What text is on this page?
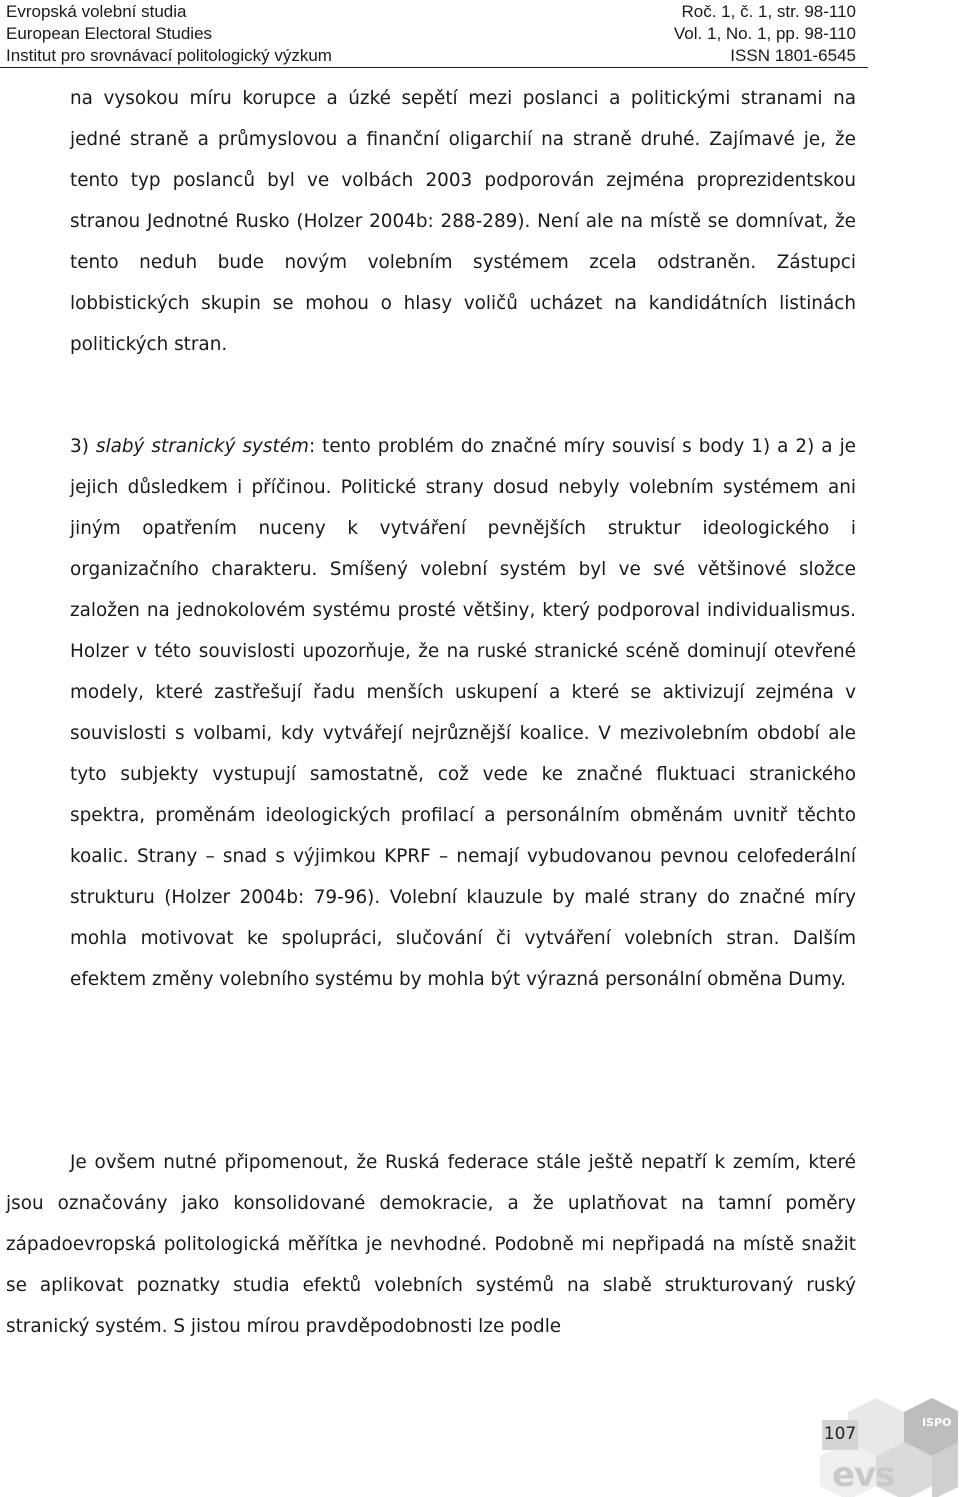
Evropská volební studia	Roč. 1, č. 1, str. 98-110
European Electoral Studies	Vol. 1, No. 1, pp. 98-110
Institut pro srovnávací politologický výzkum	ISSN 1801-6545

na vysokou míru korupce a úzké sepětí mezi poslanci a politickými stranami na jedné straně a průmyslovou a finanční oligarchií na straně druhé. Zajímavé je, že tento typ poslanců byl ve volbách 2003 podporován zejména proprezidentskou stranou Jednotné Rusko (Holzer 2004b: 288-289). Není ale na místě se domnívat, že tento neduh bude novým volebním systémem zcela odstraněn. Zástupci lobbistických skupin se mohou o hlasy voličů ucházet na kandidátních listinách politických stran.

3) slabý stranický systém: tento problém do značné míry souvisí s body 1) a 2) a je jejich důsledkem i příčinou. Politické strany dosud nebyly volebním systémem ani jiným opatřením nuceny k vytváření pevnějších struktur ideologického i organizačního charakteru. Smíšený volební systém byl ve své většinové složce založen na jednokolovém systému prosté většiny, který podporoval individualismus. Holzer v této souvislosti upozorňuje, že na ruské stranické scéně dominují otevřené modely, které zastřešují řadu menších uskupení a které se aktivizují zejména v souvislosti s volbami, kdy vytvářejí nejrůznější koalice. V mezivolebním období ale tyto subjekty vystupují samostatně, což vede ke značné fluktuaci stranického spektra, proměnám ideologických profilací a personálním obměnám uvnitř těchto koalic. Strany – snad s výjimkou KPRF – nemají vybudovanou pevnou celofederální strukturu (Holzer 2004b: 79-96). Volební klauzule by malé strany do značné míry mohla motivovat ke spolupráci, slučování či vytváření volebních stran. Dalším efektem změny volebního systému by mohla být výrazná personální obměna Dumy.

Je ovšem nutné připomenout, že Ruská federace stále ještě nepatří k zemím, které jsou označovány jako konsolidované demokracie, a že uplatňovat na tamní poměry západoevropská politologická měřítka je nevhodné. Podobně mi nepřipadá na místě snažit se aplikovat poznatky studia efektů volebních systémů na slabě strukturovaný ruský stranický systém. S jistou mírou pravděpodobnosti lze podle

107
ISPO
evs
